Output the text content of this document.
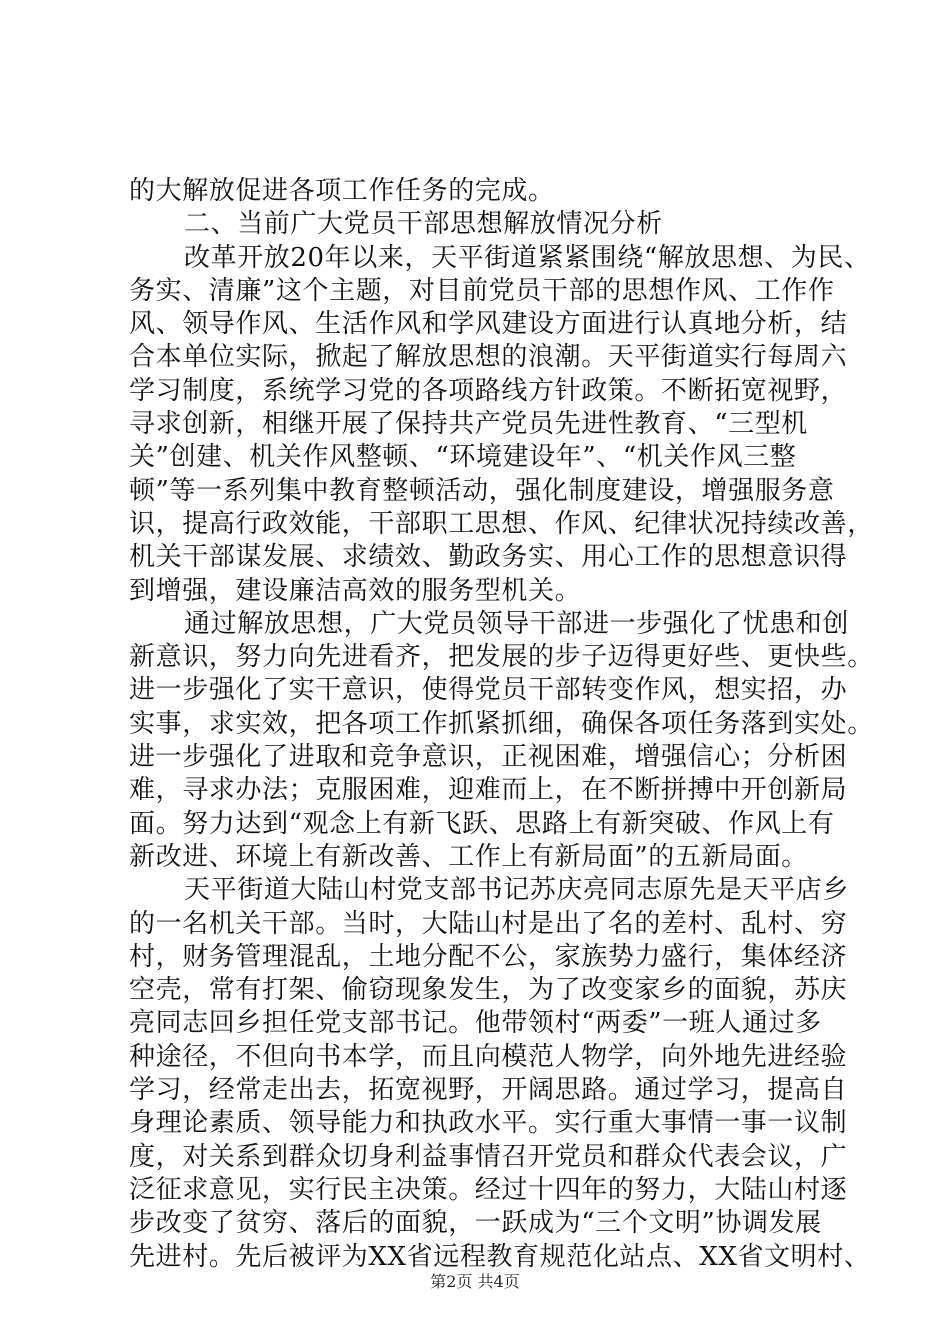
的大解放促进各项工作任务的完成。
二、当前广大党员干部思想解放情况分析
改革开放20年以来，天平街道紧紧围绕“解放思想、为民、
务实、清廉”这个主题，对目前党员干部的思想作风、工作作
风、领导作风、生活作风和学风建设方面进行认真地分析，结
合本单位实际，掀起了解放思想的浪潮。天平街道实行每周六
学习制度，系统学习党的各项路线方针政策。不断拓宽视野，
寻求创新，相继开展了保持共产党员先进性教育、“三型机
关”创建、机关作风整顿、“环境建设年”、“机关作风三整
顿”等一系列集中教育整顿活动，强化制度建设，增强服务意
识，提高行政效能，干部职工思想、作风、纪律状况持续改善，
机关干部谋发展、求绩效、勤政务实、用心工作的思想意识得
到增强，建设廉洁高效的服务型机关。
通过解放思想，广大党员领导干部进一步强化了忧患和创
新意识，努力向先进看齐，把发展的步子迈得更好些、更快些。
进一步强化了实干意识，使得党员干部转变作风，想实招，办
实事，求实效，把各项工作抓紧抓细，确保各项任务落到实处。
进一步强化了进取和竞争意识，正视困难，增强信心；分析困
难，寻求办法；克服困难，迎难而上，在不断拼搏中开创新局
面。努力达到“观念上有新飞跃、思路上有新突破、作风上有
新改进、环境上有新改善、工作上有新局面”的五新局面。
天平街道大陆山村党支部书记苏庆亮同志原先是天平店乡
的一名机关干部。当时，大陆山村是出了名的差村、乱村、穷
村，财务管理混乱，土地分配不公，家族势力盛行，集体经济
空壳，常有打架、偷窃现象发生，为了改变家乡的面貌，苏庆
亮同志回乡担任党支部书记。他带领村“两委”一班人通过多
种途径，不但向书本学，而且向模范人物学，向外地先进经验
学习，经常走出去，拓宽视野，开阔思路。通过学习，提高自
身理论素质、领导能力和执政水平。实行重大事情一事一议制
度，对关系到群众切身利益事情召开党员和群众代表会议，广
泛征求意见，实行民主决策。经过十四年的努力，大陆山村逐
步改变了贫穷、落后的面貌，一跃成为“三个文明”协调发展
先进村。先后被评为XX省远程教育规范化站点、XX省文明村、
第2页 共4页
